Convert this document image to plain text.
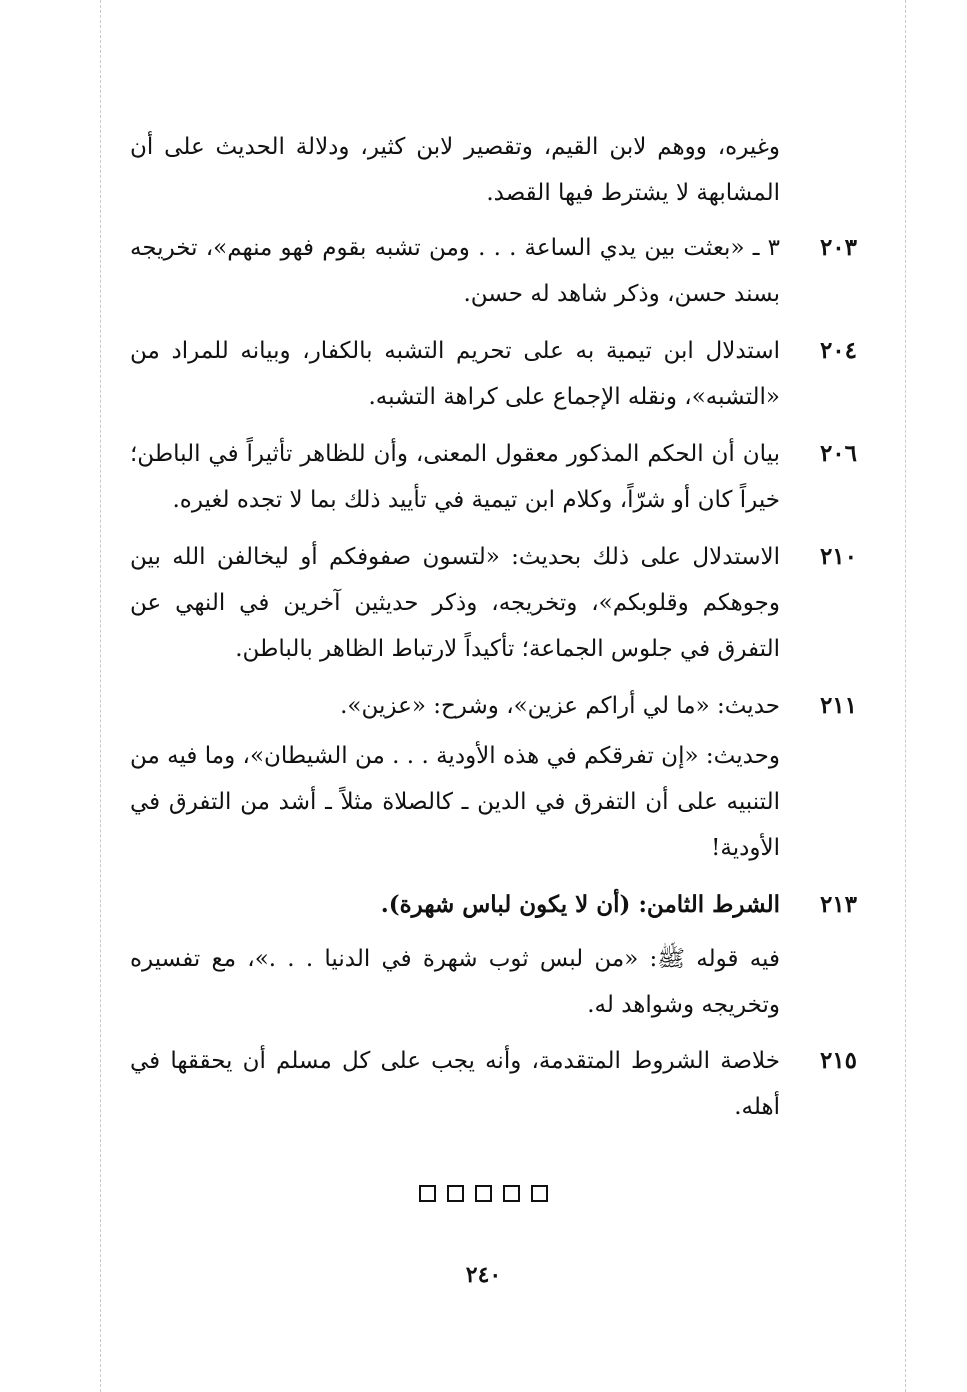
وغيره، ووهم لابن القيم، وتقصير لابن كثير، ودلالة الحديث على أن المشابهة لا يشترط فيها القصد.
٢٠٣
٣ ـ «بعثت بين يدي الساعة . . . ومن تشبه بقوم فهو منهم»، تخريجه بسند حسن، وذكر شاهد له حسن.
٢٠٤
استدلال ابن تيمية به على تحريم التشبه بالكفار، وبيانه للمراد من «التشبه»، ونقله الإجماع على كراهة التشبه.
٢٠٦
بيان أن الحكم المذكور معقول المعنى، وأن للظاهر تأثيراً في الباطن؛ خيراً كان أو شرّاً، وكلام ابن تيمية في تأييد ذلك بما لا تجده لغيره.
٢١٠
الاستدلال على ذلك بحديث: «لتسون صفوفكم أو ليخالفن الله بين وجوهكم وقلوبكم»، وتخريجه، وذكر حديثين آخرين في النهي عن التفرق في جلوس الجماعة؛ تأكيداً لارتباط الظاهر بالباطن.
٢١١
حديث: «ما لي أراكم عزين»، وشرح: «عزين».
وحديث: «إن تفرقكم في هذه الأودية . . . من الشيطان»، وما فيه من التنبيه على أن التفرق في الدين ـ كالصلاة مثلاً ـ أشد من التفرق في الأودية!
٢١٣
الشرط الثامن: (أن لا يكون لباس شهرة).
فيه قوله ﷺ: «من لبس ثوب شهرة في الدنيا . . .»، مع تفسيره وتخريجه وشواهد له.
٢١٥
خلاصة الشروط المتقدمة، وأنه يجب على كل مسلم أن يحققها في أهله.

٢٤٠
